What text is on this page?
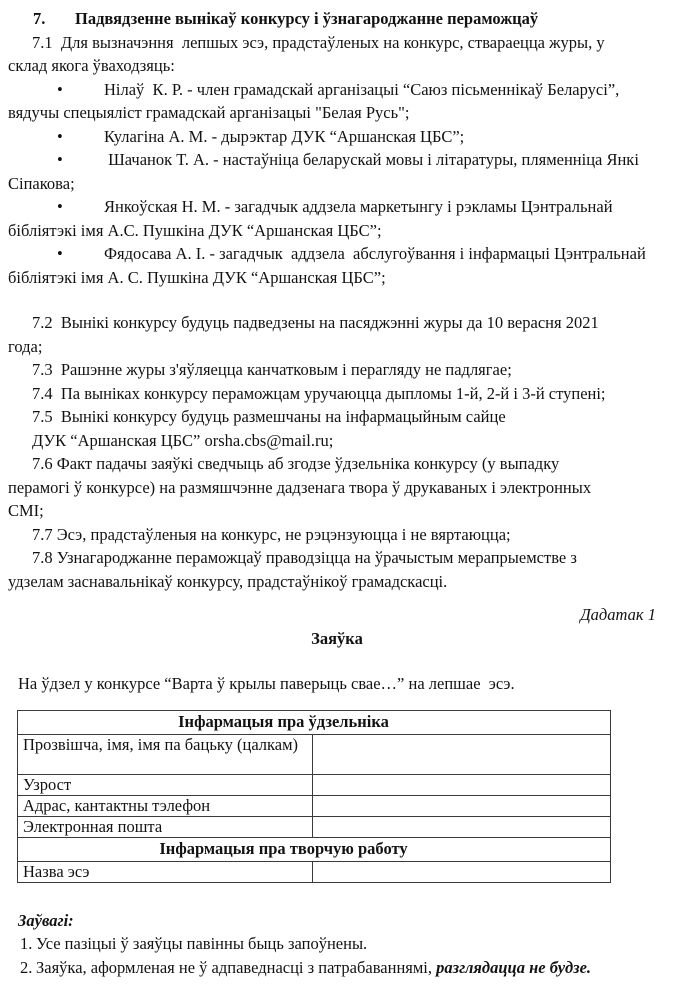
7. Падвядзенне вынікаў конкурсу і ўзнагароджанне пераможцаў
7.1  Для вызначэння  лепшых эсэ, прадстаўленых на конкурс, ствараецца журы, у
склад якога ўваходзяць:
• Нілаў  К. Р. - член грамадскай арганізацыі “Саюз пісьменнікаў Беларусі”,
вядучы спецыяліст грамадскай арганізацыі "Белая Русь";
• Кулагіна А. М. - дырэктар ДУК “Аршанская ЦБС”;
• Шачанок Т. А. - настаўніца беларускай мовы і літаратуры, пляменніца Янкі
Сіпакова;
• Янкоўская Н. М. - загадчык аддзела маркетынгу і рэкламы Цэнтральнай
бібліятэкі імя А.С. Пушкіна ДУК “Аршанская ЦБС”;
• Фядосава А. І. - загадчык  аддзела  абслугоўвання і інфармацыі Цэнтральнай
бібліятэкі імя А. С. Пушкіна ДУК “Аршанская ЦБС”;
7.2  Вынікі конкурсу будуць падведзены на пасяджэнні журы да 10 верасня 2021
года;
7.3  Рашэнне журы з'яўляецца канчатковым і перагляду не падлягае;
7.4  Па выніках конкурсу пераможцам уручаюцца дыпломы 1-й, 2-й і 3-й ступені;
7.5  Вынікі конкурсу будуць размешчаны на інфармацыйным сайце
ДУК “Аршанская ЦБС” orsha.cbs@mail.ru;
7.6 Факт падачы заяўкі сведчыць аб згодзе ўдзельніка конкурсу (у выпадку
перамогі ў конкурсе) на размяшчэнне дадзенага твора ў друкаваных і электронных
СМІ;
7.7 Эсэ, прадстаўленыя на конкурс, не рэцэнзуюцца і не вяртаюцца;
7.8 Узнагароджанне пераможцаў праводзіцца на ўрачыстым мерапрыемстве з
удзелам заснавальнікаў конкурсу, прадстаўнікоў грамадскасці.
Дадатак 1
Заяўка
На ўдзел у конкурсе “Варта ў крылы паверыць свае…” на лепшае  эсэ.
Інфармацыя пра ўдзельніка	
Прозвішча, імя, імя па бацьку (цалкам)	
Узрост	
Адрас, кантактны тэлефон	
Электронная пошта	
Інфармацыя пра творчую работу	
Назва эсэ	
Заўвагі:
1. Усе пазіцыі ў заяўцы павінны быць запоўнены.
2. Заяўка, аформленая не ў адпаведнасці з патрабаваннямі, разглядацца не будзе.
